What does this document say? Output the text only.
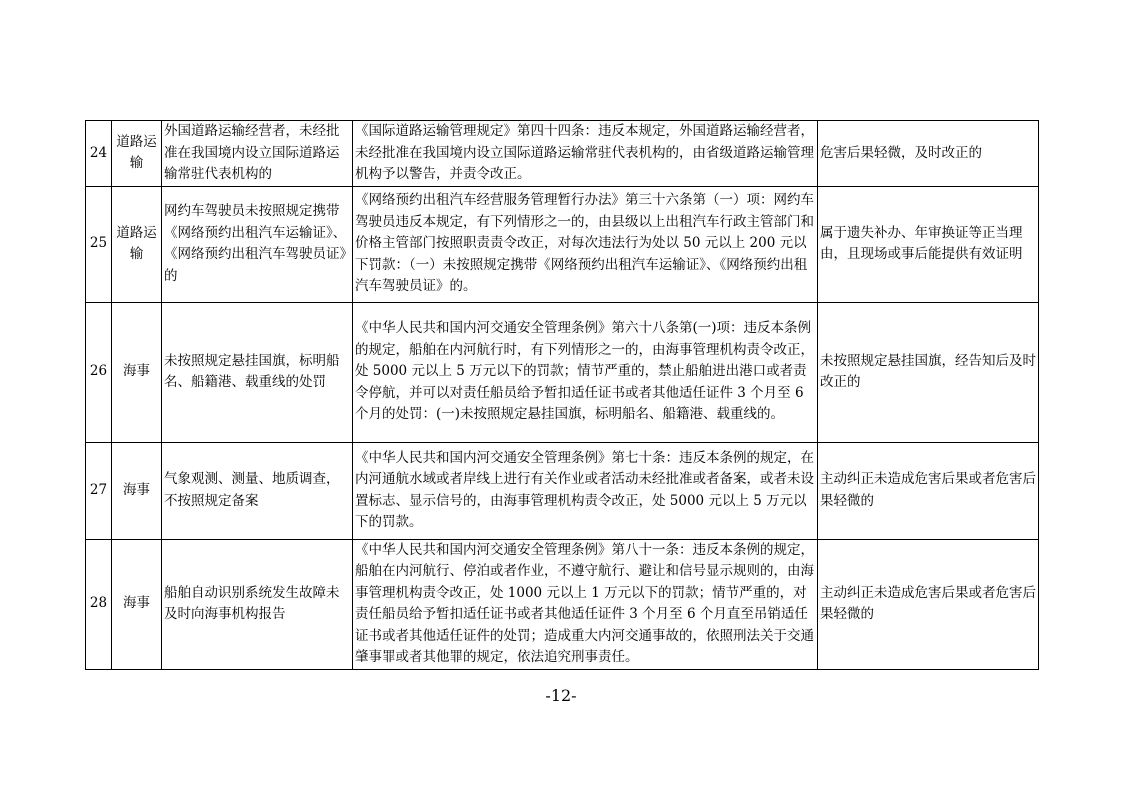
24	道路运输	外国道路运输经营者，未经批准在我国境内设立国际道路运输常驻代表机构的	《国际道路运输管理规定》第四十四条：违反本规定，外国道路运输经营者，未经批准在我国境内设立国际道路运输常驻代表机构的，由省级道路运输管理机构予以警告，并责令改正。	危害后果轻微，及时改正的
25	道路运输	网约车驾驶员未按照规定携带《网络预约出租汽车运输证》、《网络预约出租汽车驾驶员证》的	《网络预约出租汽车经营服务管理暂行办法》第三十六条第（一）项：网约车驾驶员违反本规定，有下列情形之一的，由县级以上出租汽车行政主管部门和价格主管部门按照职责责令改正，对每次违法行为处以 50 元以上 200 元以下罚款：（一）未按照规定携带《网络预约出租汽车运输证》、《网络预约出租汽车驾驶员证》的。	属于遗失补办、年审换证等正当理由，且现场或事后能提供有效证明
26	海事	未按照规定悬挂国旗，标明船名、船籍港、载重线的处罚	《中华人民共和国内河交通安全管理条例》第六十八条第(一)项：违反本条例的规定，船舶在内河航行时，有下列情形之一的，由海事管理机构责令改正，处 5000 元以上 5 万元以下的罚款；情节严重的，禁止船舶进出港口或者责令停航，并可以对责任船员给予暂扣适任证书或者其他适任证件 3 个月至 6 个月的处罚：(一)未按照规定悬挂国旗，标明船名、船籍港、载重线的。	未按照规定悬挂国旗，经告知后及时改正的
27	海事	气象观测、测量、地质调查，不按照规定备案	《中华人民共和国内河交通安全管理条例》第七十条：违反本条例的规定，在内河通航水域或者岸线上进行有关作业或者活动未经批准或者备案，或者未设置标志、显示信号的，由海事管理机构责令改正，处 5000 元以上 5 万元以下的罚款。	主动纠正未造成危害后果或者危害后果轻微的
28	海事	船舶自动识别系统发生故障未及时向海事机构报告	《中华人民共和国内河交通安全管理条例》第八十一条：违反本条例的规定，船舶在内河航行、停泊或者作业，不遵守航行、避让和信号显示规则的，由海事管理机构责令改正，处 1000 元以上 1 万元以下的罚款；情节严重的，对责任船员给予暂扣适任证书或者其他适任证件 3 个月至 6 个月直至吊销适任证书或者其他适任证件的处罚；造成重大内河交通事故的，依照刑法关于交通肇事罪或者其他罪的规定，依法追究刑事责任。	主动纠正未造成危害后果或者危害后果轻微的
-12-
